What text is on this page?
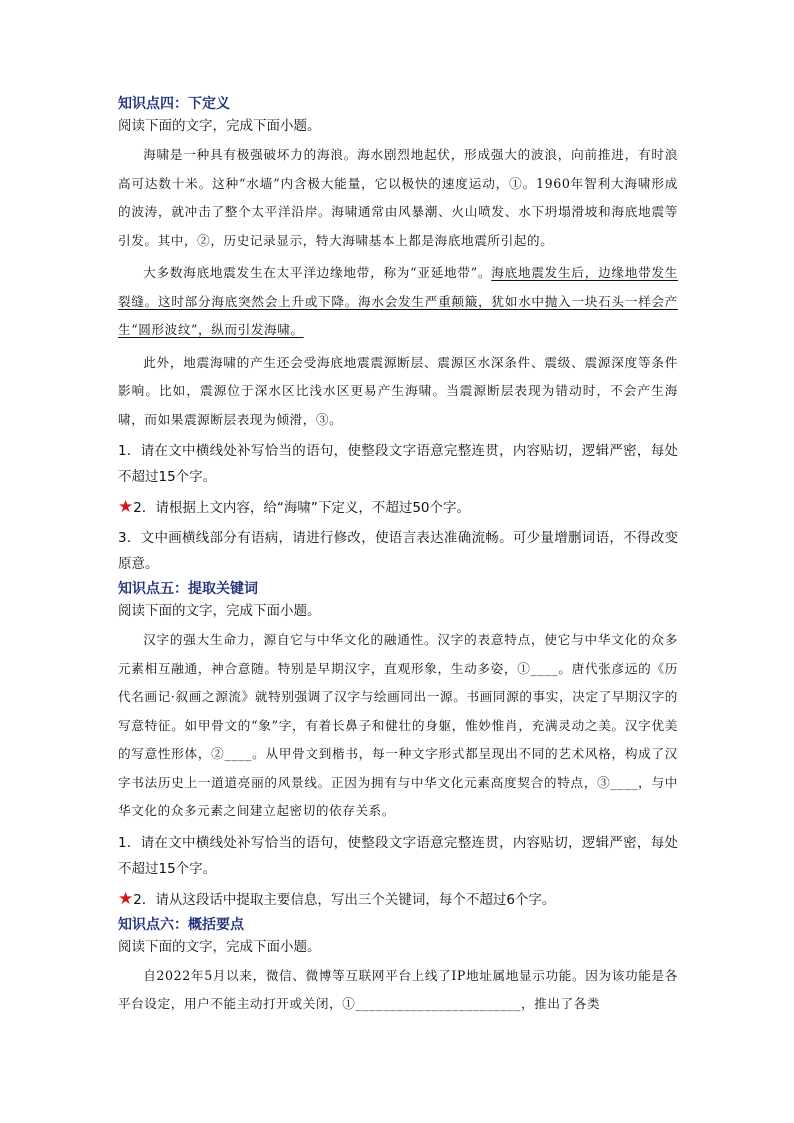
知识点四：下定义
阅读下面的文字，完成下面小题。
海啸是一种具有极强破坏力的海浪。海水剧烈地起伏，形成强大的波浪，向前推进，有时浪高可达数十米。这种“水墙”内含极大能量，它以极快的速度运动，①。1960年智利大海啸形成的波涛，就冲击了整个太平洋沿岸。海啸通常由风暴潮、火山喷发、水下坍塌滑坡和海底地震等引发。其中，②，历史记录显示，特大海啸基本上都是海底地震所引起的。
大多数海底地震发生在太平洋边缘地带，称为“亚延地带”。海底地震发生后，边缘地带发生裂缝。这时部分海底突然会上升或下降。海水会发生严重颠簸，犹如水中抛入一块石头一样会产生“圆形波纹”，纵而引发海啸。
此外，地震海啸的产生还会受海底地震震源断层、震源区水深条件、震级、震源深度等条件影响。比如，震源位于深水区比浅水区更易产生海啸。当震源断层表现为错动时，不会产生海啸，而如果震源断层表现为倾滑，③。
1．请在文中横线处补写恰当的语句，使整段文字语意完整连贯，内容贴切，逻辑严密，每处不超过15个字。
★2．请根据上文内容，给“海啸”下定义，不超过50个字。
3．文中画横线部分有语病，请进行修改，使语言表达准确流畅。可少量增删词语，不得改变原意。
知识点五：提取关键词
阅读下面的文字，完成下面小题。
汉字的强大生命力，源自它与中华文化的融通性。汉字的表意特点，使它与中华文化的众多元素相互融通，神合意随。特别是早期汉字，直观形象，生动多姿，①____。唐代张彦远的《历代名画记·叙画之源流》就特别强调了汉字与绘画同出一源。书画同源的事实，决定了早期汉字的写意特征。如甲骨文的“象”字，有着长鼻子和健壮的身躯，惟妙惟肖，充满灵动之美。汉字优美的写意性形体，②____。从甲骨文到楷书，每一种文字形式都呈现出不同的艺术风格，构成了汉字书法历史上一道道亮丽的风景线。正因为拥有与中华文化元素高度契合的特点，③____，与中华文化的众多元素之间建立起密切的依存关系。
1．请在文中横线处补写恰当的语句，使整段文字语意完整连贯，内容贴切，逻辑严密，每处不超过15个字。
★2．请从这段话中提取主要信息，写出三个关键词，每个不超过6个字。
知识点六：概括要点
阅读下面的文字，完成下面小题。
自2022年5月以来，微信、微博等互联网平台上线了IP地址属地显示功能。因为该功能是各平台设定，用户不能主动打开或关闭，①________________________，推出了各类
